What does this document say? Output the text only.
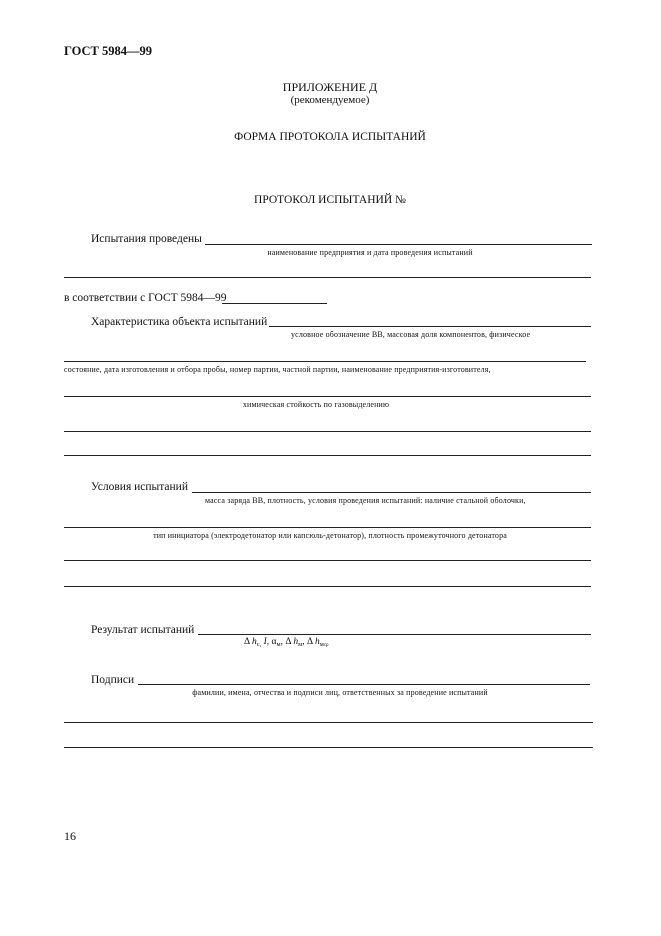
ГОСТ 5984—99
ПРИЛОЖЕНИЕ Д
(рекомендуемое)
ФОРМА ПРОТОКОЛА ИСПЫТАНИЙ
ПРОТОКОЛ ИСПЫТАНИЙ №
Испытания проведены
наименование предприятия и дата проведения испытаний
в соответствии с ГОСТ 5984—99
Характеристика объекта испытаний
условное обозначение ВВ, массовая доля компонентов, физическое
состояние, дата изготовления и отбора пробы, номер партии, частной партии, наименование предприятия-изготовителя,
химическая стойкость по газовыделению
Условия испытаний
масса заряда ВВ, плотность, условия проведения испытаний: наличие стальной оболочки,
тип инициатора (электродетонатор или капсюль-детонатор), плотность промежуточного детонатора
Результат испытаний
Δ $h_{с,}$ I, $\alpha_м$, Δ $h_м$, Δ $h_{мср}$
Подписи
фамилии, имена, отчества и подписи лиц, ответственных за проведение испытаний
16
